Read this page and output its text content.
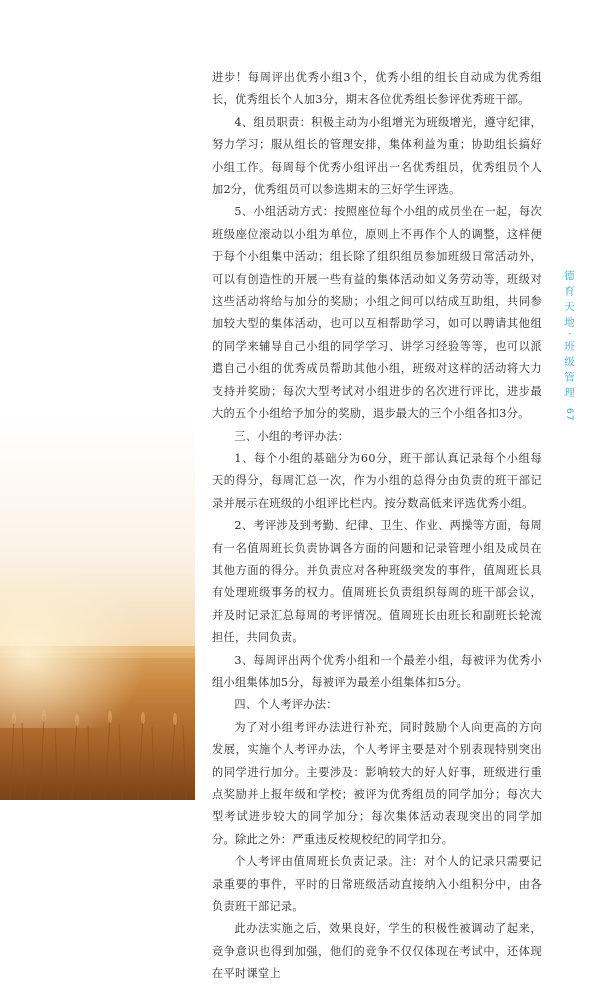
进步！每周评出优秀小组3个，优秀小组的组长自动成为优秀组长，优秀组长个人加3分，期末各位优秀组长参评优秀班干部。

4、组员职责：积极主动为小组增光为班级增光，遵守纪律，努力学习；服从组长的管理安排，集体利益为重；协助组长搞好小组工作。每周每个优秀小组评出一名优秀组员，优秀组员个人加2分，优秀组员可以参选期末的三好学生评选。

5、小组活动方式：按照座位每个小组的成员坐在一起，每次班级座位滚动以小组为单位，原则上不再作个人的调整，这样便于每个小组集中活动；组长除了组织组员参加班级日常活动外，可以有创造性的开展一些有益的集体活动如义务劳动等，班级对这些活动将给与加分的奖励；小组之间可以结成互助组，共同参加较大型的集体活动，也可以互相帮助学习，如可以聘请其他组的同学来辅导自己小组的同学学习、讲学习经验等等，也可以派遣自己小组的优秀成员帮助其他小组，班级对这样的活动将大力支持并奖励；每次大型考试对小组进步的名次进行评比，进步最大的五个小组给予加分的奖励，退步最大的三个小组各扣3分。

三、小组的考评办法：

1、每个小组的基础分为60分，班干部认真记录每个小组每天的得分，每周汇总一次，作为小组的总得分由负责的班干部记录并展示在班级的小组评比栏内。按分数高低来评选优秀小组。

2、考评涉及到考勤、纪律、卫生、作业、两操等方面，每周有一名值周班长负责协调各方面的问题和记录管理小组及成员在其他方面的得分。并负责应对各种班级突发的事件，值周班长具有处理班级事务的权力。值周班长负责组织每周的班干部会议，并及时记录汇总每周的考评情况。值周班长由班长和副班长轮流担任，共同负责。

3、每周评出两个优秀小组和一个最差小组，每被评为优秀小组小组集体加5分，每被评为最差小组集体扣5分。

四、个人考评办法：

为了对小组考评办法进行补充，同时鼓励个人向更高的方向发展，实施个人考评办法，个人考评主要是对个别表现特别突出的同学进行加分。主要涉及：影响较大的好人好事，班级进行重点奖励并上报年级和学校；被评为优秀组员的同学加分；每次大型考试进步较大的同学加分；每次集体活动表现突出的同学加分。除此之外：严重违反校规校纪的同学扣分。

个人考评由值周班长负责记录。注：对个人的记录只需要记录重要的事件，平时的日常班级活动直接纳入小组积分中，由各负责班干部记录。

此办法实施之后，效果良好，学生的积极性被调动了起来，竞争意识也得到加强，他们的竞争不仅仅体现在考试中，还体现在平时课堂上

德育天地·班级管理
67
